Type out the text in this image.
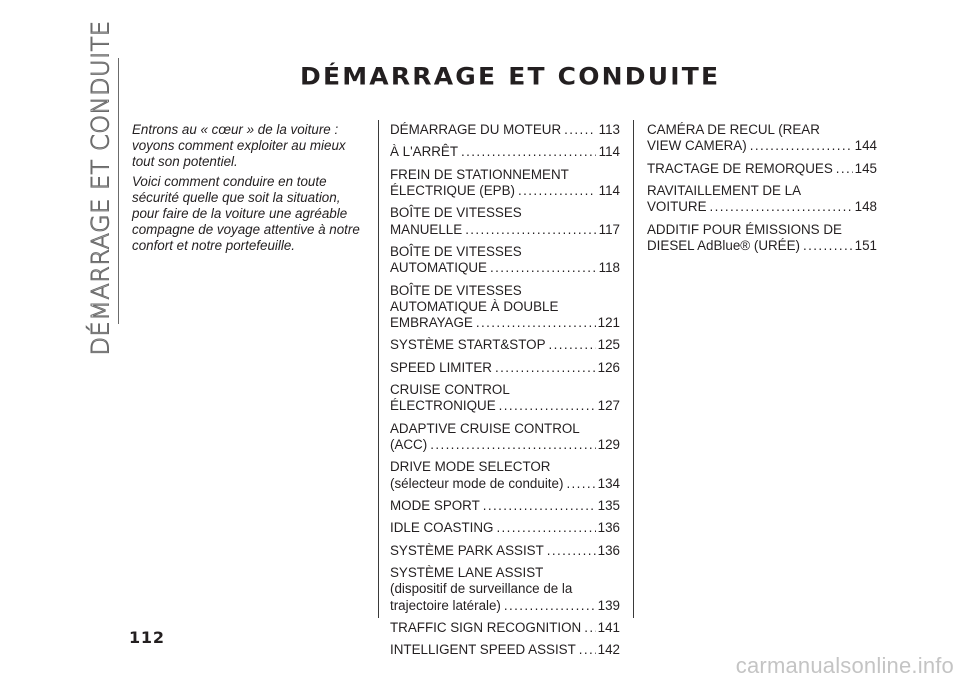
DÉMARRAGE ET CONDUITE	DÉMARRAGE ET CONDUITE

Entrons au « cœur » de la voiture : voyons comment exploiter au mieux tout son potentiel.

Voici comment conduire en toute sécurité quelle que soit la situation, pour faire de la voiture une agréable compagne de voyage attentive à notre confort et notre portefeuille.

DÉMARRAGE DU MOTEUR .....	113
À L'ARRÊT .....	114
FREIN DE STATIONNEMENT
ÉLECTRIQUE (EPB) .....	114
BOÎTE DE VITESSES
MANUELLE .....	117
BOÎTE DE VITESSES
AUTOMATIQUE .....	118
BOÎTE DE VITESSES
AUTOMATIQUE À DOUBLE
EMBRAYAGE .....	121
SYSTÈME START&STOP .....	125
SPEED LIMITER .....	126
CRUISE CONTROL
ÉLECTRONIQUE .....	127
ADAPTIVE CRUISE CONTROL
(ACC) .....	129
DRIVE MODE SELECTOR
(sélecteur mode de conduite) .....	134
MODE SPORT .....	135
IDLE COASTING .....	136
SYSTÈME PARK ASSIST .....	136
SYSTÈME LANE ASSIST
(dispositif de surveillance de la
trajectoire latérale) .....	139
TRAFFIC SIGN RECOGNITION ..... 141
INTELLIGENT SPEED ASSIST ..... 142
CAMÉRA DE RECUL (REAR
VIEW CAMERA) .....	144
TRACTAGE DE REMORQUES ..... 145
RAVITAILLEMENT DE LA
VOITURE .....	148
ADDITIF POUR ÉMISSIONS DE
DIESEL AdBlue® (URÉE) .....	151
112
carmanualsonline.info
